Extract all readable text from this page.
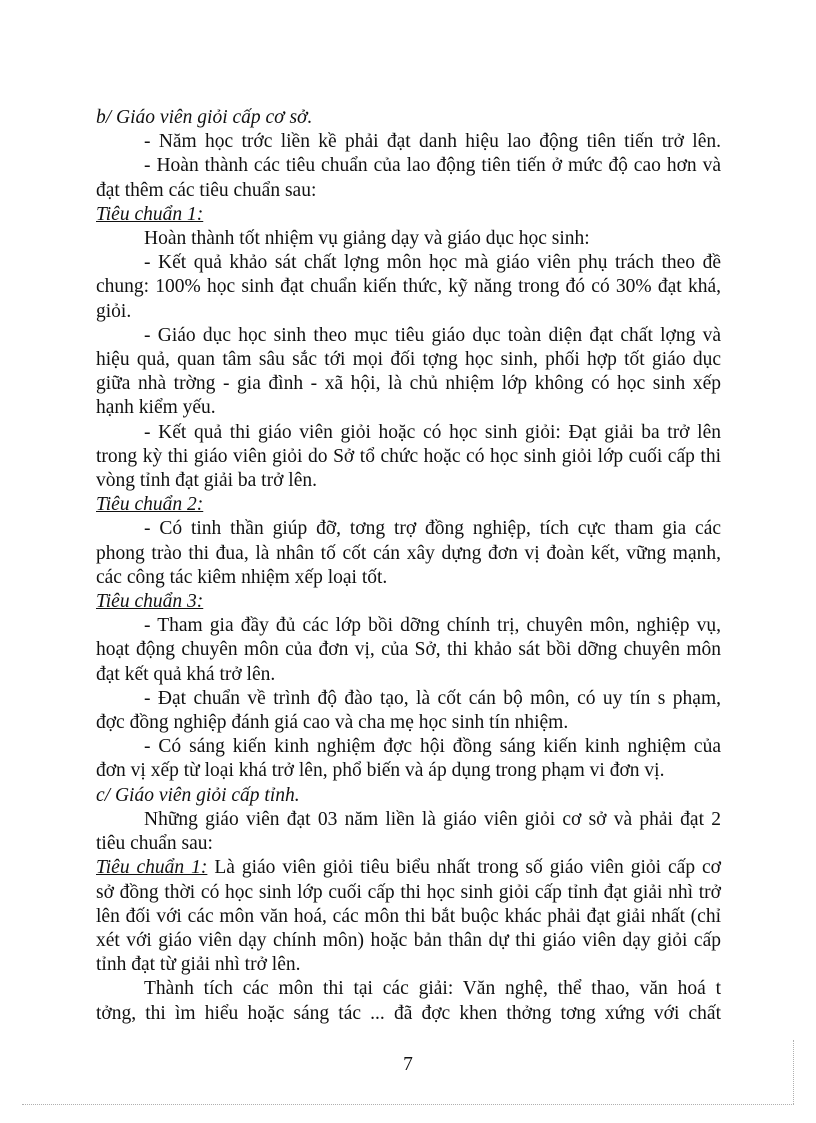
b/ Giáo viên giỏi cấp cơ sở.
- Năm học trớc liền kề phải đạt danh hiệu lao động tiên tiến trở lên.
- Hoàn thành các tiêu chuẩn của lao động tiên tiến ở mức độ cao hơn và
đạt thêm các tiêu chuẩn sau:
Tiêu chuẩn 1:
Hoàn thành tốt nhiệm vụ giảng dạy và giáo dục học sinh:
- Kết quả khảo sát chất lợng môn học mà giáo viên phụ trách theo đề
chung: 100% học sinh đạt chuẩn kiến thức, kỹ năng trong đó có 30% đạt khá,
giỏi.
- Giáo dục học sinh theo mục tiêu giáo dục toàn diện đạt chất lợng và
hiệu quả, quan tâm sâu sắc tới mọi đối tợng học sinh, phối hợp tốt giáo dục
giữa nhà trờng - gia đình - xã hội, là chủ nhiệm lớp không có học sinh xếp
hạnh kiểm yếu.
- Kết quả thi giáo viên giỏi hoặc có học sinh giỏi: Đạt giải ba trở lên
trong kỳ thi giáo viên giỏi do Sở tổ chức hoặc có học sinh giỏi lớp cuối cấp thi
vòng tỉnh đạt giải ba trở lên.
Tiêu chuẩn 2:
- Có tinh thần giúp đỡ, tơng trợ đồng nghiệp, tích cực tham gia các
phong trào thi đua, là nhân tố cốt cán xây dựng đơn vị đoàn kết, vững mạnh,
các công tác kiêm nhiệm xếp loại tốt.
Tiêu chuẩn 3:
- Tham gia đầy đủ các lớp bồi dỡng chính trị, chuyên môn, nghiệp vụ,
hoạt động chuyên môn của đơn vị, của Sở, thi khảo sát bồi dỡng chuyên môn
đạt kết quả khá trở lên.
- Đạt chuẩn về trình độ đào tạo, là cốt cán bộ môn, có uy tín s phạm,
đợc đồng nghiệp đánh giá cao và cha mẹ học sinh tín nhiệm.
- Có sáng kiến kinh nghiệm đợc hội đồng sáng kiến kinh nghiệm của
đơn vị xếp từ loại khá trở lên, phổ biến và áp dụng trong phạm vi đơn vị.
c/ Giáo viên giỏi cấp tỉnh.
Những giáo viên đạt 03 năm liền là giáo viên giỏi cơ sở và phải đạt 2
tiêu chuẩn sau:
Tiêu chuẩn 1: Là giáo viên giỏi tiêu biểu nhất trong số giáo viên giỏi cấp cơ
sở đồng thời có học sinh lớp cuối cấp thi học sinh giỏi cấp tỉnh đạt giải nhì trở
lên đối với các môn văn hoá, các môn thi bắt buộc khác phải đạt giải nhất (chỉ
xét với giáo viên dạy chính môn) hoặc bản thân dự thi giáo viên dạy giỏi cấp
tỉnh đạt từ giải nhì trở lên.
Thành tích các môn thi tại các giải: Văn nghệ, thể thao, văn hoá t
tởng, thi ìm hiểu hoặc sáng tác ... đã đợc khen thởng tơng xứng với chất
7
